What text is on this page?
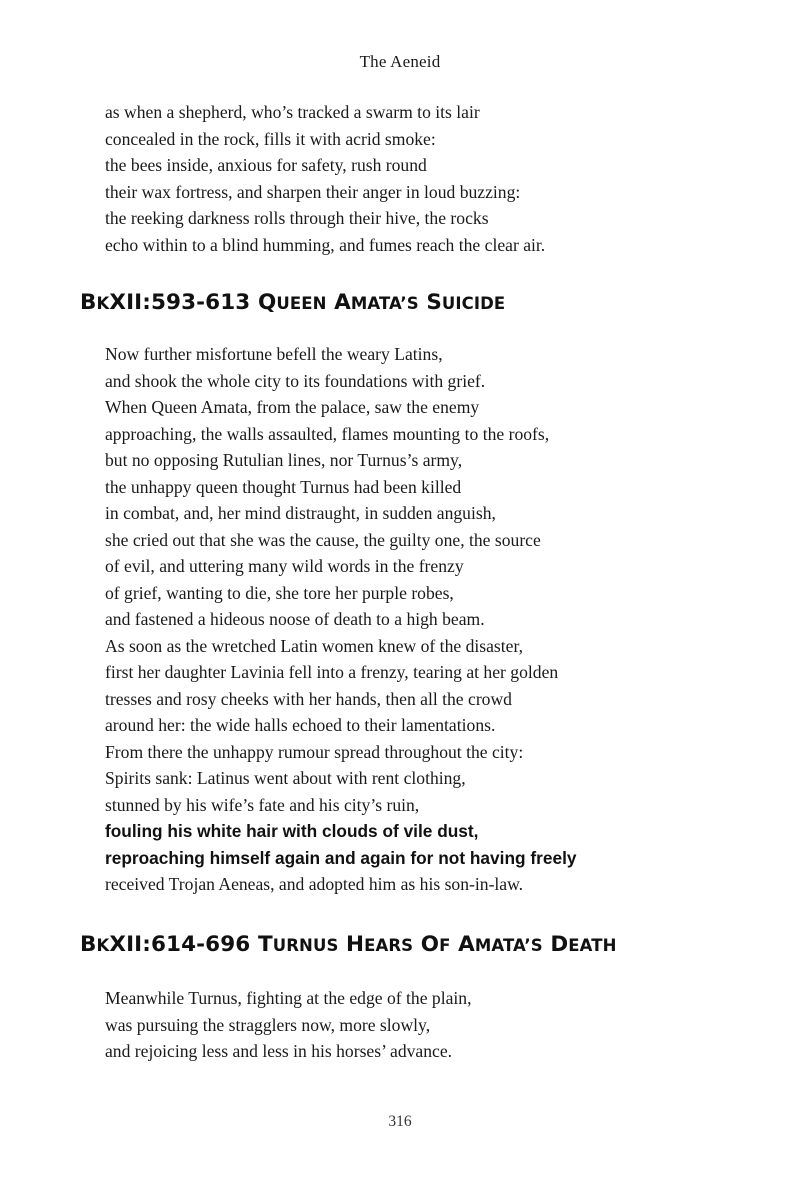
The Aeneid
as when a shepherd, who’s tracked a swarm to its lair
concealed in the rock, fills it with acrid smoke:
the bees inside, anxious for safety, rush round
their wax fortress, and sharpen their anger in loud buzzing:
the reeking darkness rolls through their hive, the rocks
echo within to a blind humming, and fumes reach the clear air.
BKXII:593-613 QUEEN AMATA’S SUICIDE
Now further misfortune befell the weary Latins,
and shook the whole city to its foundations with grief.
When Queen Amata, from the palace, saw the enemy
approaching, the walls assaulted, flames mounting to the roofs,
but no opposing Rutulian lines, nor Turnus’s army,
the unhappy queen thought Turnus had been killed
in combat, and, her mind distraught, in sudden anguish,
she cried out that she was the cause, the guilty one, the source
of evil, and uttering many wild words in the frenzy
of grief, wanting to die, she tore her purple robes,
and fastened a hideous noose of death to a high beam.
As soon as the wretched Latin women knew of the disaster,
first her daughter Lavinia fell into a frenzy, tearing at her golden
tresses and rosy cheeks with her hands, then all the crowd
around her: the wide halls echoed to their lamentations.
From there the unhappy rumour spread throughout the city:
Spirits sank: Latinus went about with rent clothing,
stunned by his wife’s fate and his city’s ruin,
fouling his white hair with clouds of vile dust,
reproaching himself again and again for not having freely
received Trojan Aeneas, and adopted him as his son-in-law.
BKXII:614-696 TURNUS HEARS OF AMATA’S DEATH
Meanwhile Turnus, fighting at the edge of the plain,
was pursuing the stragglers now, more slowly,
and rejoicing less and less in his horses’ advance.
316
